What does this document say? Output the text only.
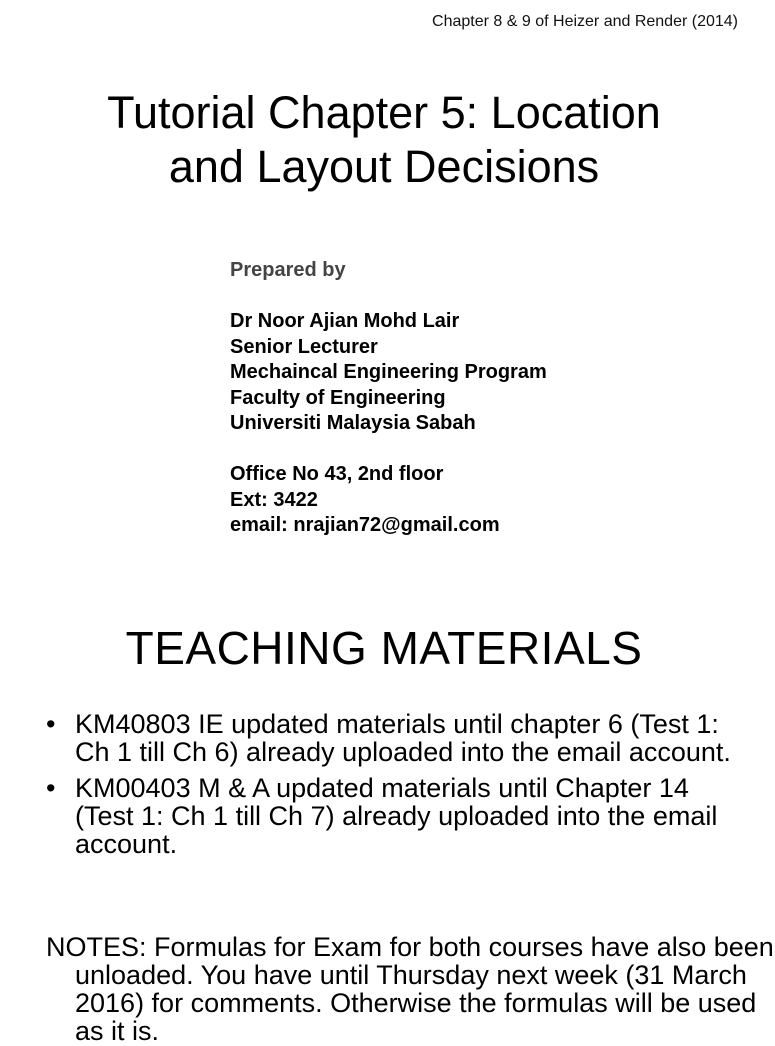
Chapter 8 & 9 of Heizer and Render (2014)
Tutorial Chapter 5: Location
and Layout Decisions
Prepared by
Dr Noor Ajian Mohd Lair
Senior Lecturer
Mechaincal Engineering Program
Faculty of Engineering
Universiti Malaysia Sabah
Office No 43, 2nd floor
Ext: 3422
email: nrajian72@gmail.com
TEACHING MATERIALS
• KM40803 IE updated materials until chapter 6 (Test 1: Ch 1 till Ch 6) already uploaded into the email account.
• KM00403 M & A updated materials until Chapter 14 (Test 1: Ch 1 till Ch 7) already uploaded into the email account.

NOTES: Formulas for Exam for both courses have also been unloaded. You have until Thursday next week (31 March 2016) for comments. Otherwise the formulas will be used as it is.
